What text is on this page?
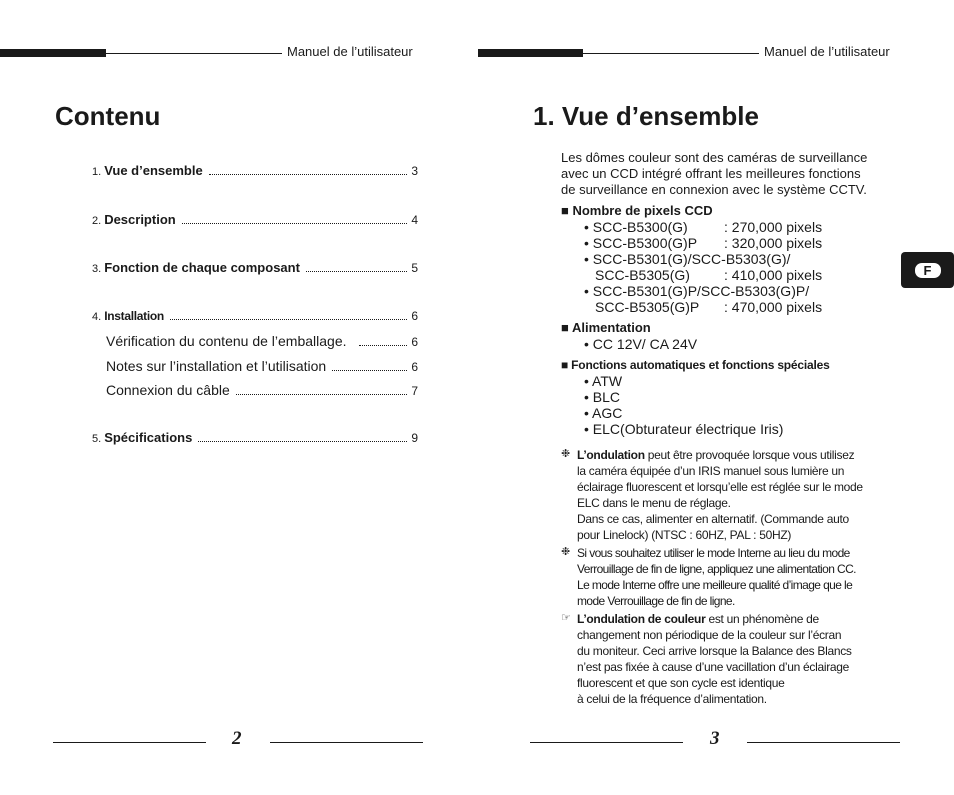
Manuel de l’utilisateur
Contenu
1. Vue d’ensemble	3
2. Description	4
3. Fonction de chaque composant	5
4. Installation	6
Vérification du contenu de l’emballage.	6
Notes sur l’installation et l’utilisation	6
Connexion du câble	7
5. Spécifications	9
2
Manuel de l’utilisateur
1. Vue d’ensemble
Les dômes couleur sont des caméras de surveillance
avec un CCD intégré offrant les meilleures fonctions
de surveillance en connexion avec le système CCTV.
■ Nombre de pixels CCD
• SCC-B5300(G)	: 270,000 pixels
• SCC-B5300(G)P	: 320,000 pixels
• SCC-B5301(G)/SCC-B5303(G)/
SCC-B5305(G)	: 410,000 pixels
• SCC-B5301(G)P/SCC-B5303(G)P/
SCC-B5305(G)P	: 470,000 pixels
■ Alimentation
• CC 12V/ CA 24V
■ Fonctions automatiques et fonctions spéciales
• ATW
• BLC
• AGC
• ELC(Obturateur électrique Iris)
❉ L’ondulation peut être provoquée lorsque vous utilisez
la caméra équipée d’un IRIS manuel sous lumière un
éclairage fluorescent et lorsqu’elle est réglée sur le mode
ELC dans le menu de réglage.
Dans ce cas, alimenter en alternatif. (Commande auto
pour Linelock) (NTSC : 60HZ, PAL : 50HZ)
❉ Si vous souhaitez utiliser le mode Interne au lieu du mode
Verrouillage de fin de ligne, appliquez une alimentation CC.
Le mode Interne offre une meilleure qualité d’image que le
mode Verrouillage de fin de ligne.
☞ L’ondulation de couleur est un phénomène de
changement non périodique de la couleur sur l’écran
du moniteur. Ceci arrive lorsque la Balance des Blancs
n’est pas fixée à cause d’une vacillation d’un éclairage
fluorescent et que son cycle est identique
à celui de la fréquence d’alimentation.
F
3
